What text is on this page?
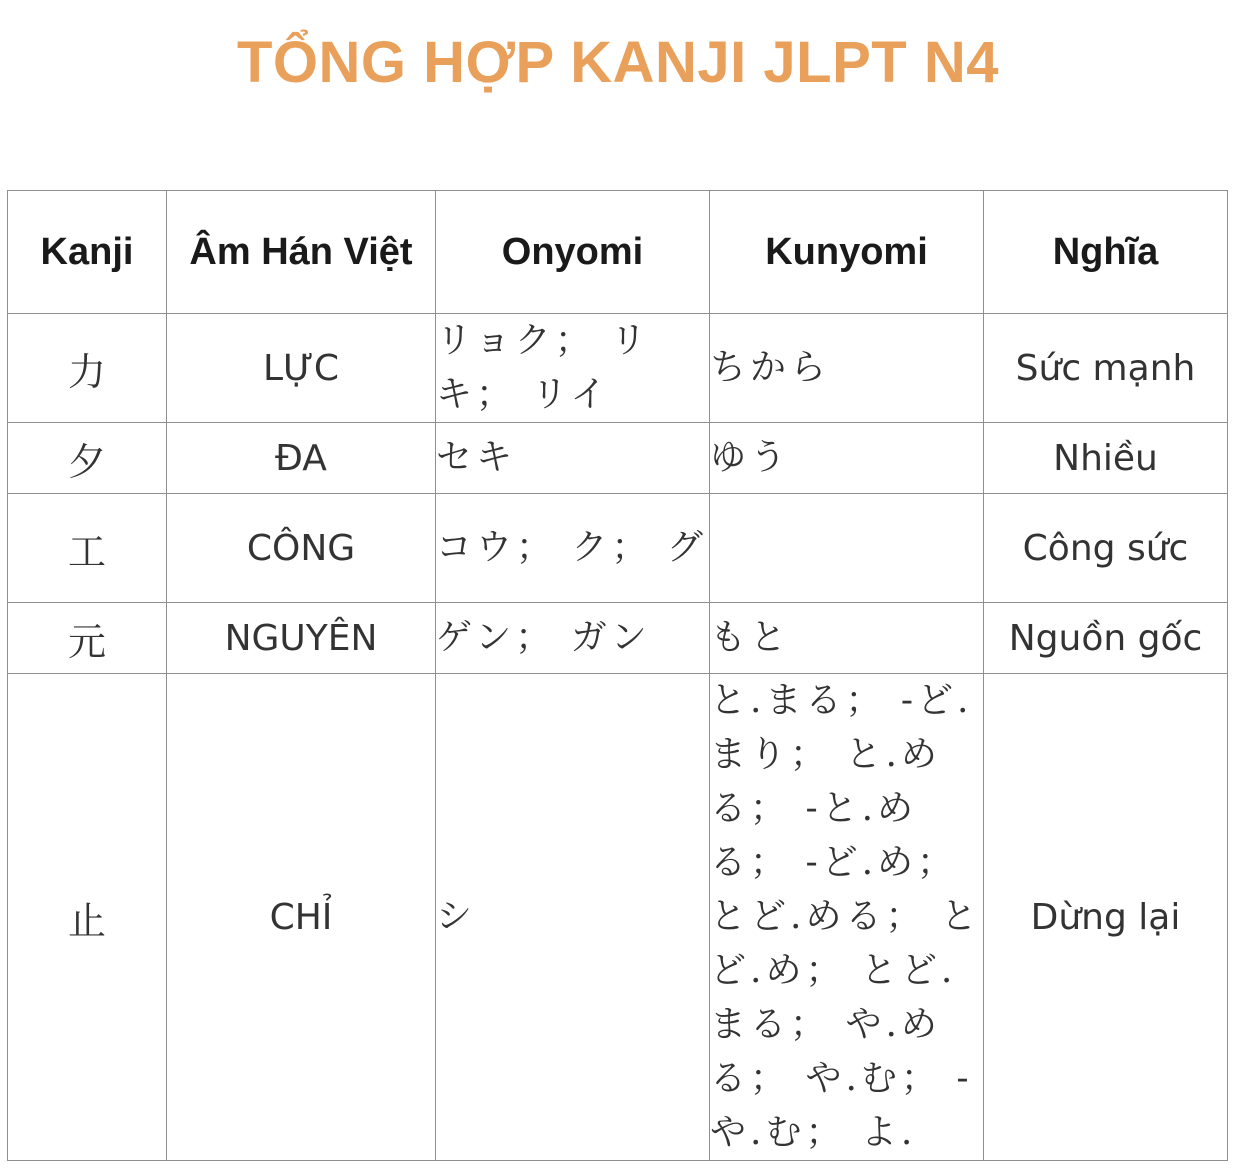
TỔNG HỢP KANJI JLPT N4
Kanji	Âm Hán Việt	Onyomi	Kunyomi	Nghĩa
力	LỰC	リョク； リキ； リイ	ちから	Sức mạnh
夕	ĐA	セキ	ゆう	Nhiều
工	CÔNG	コウ； ク； グ		Công sức
元	NGUYÊN	ゲン； ガン	もと	Nguồn gốc
止	CHỈ	シ	と.まる； -ど.まり； と.める； -と.める； -ど.め； とど.める； とど.め； とど.まる； や.める； や.む； -や.む； よ.	Dừng lại
